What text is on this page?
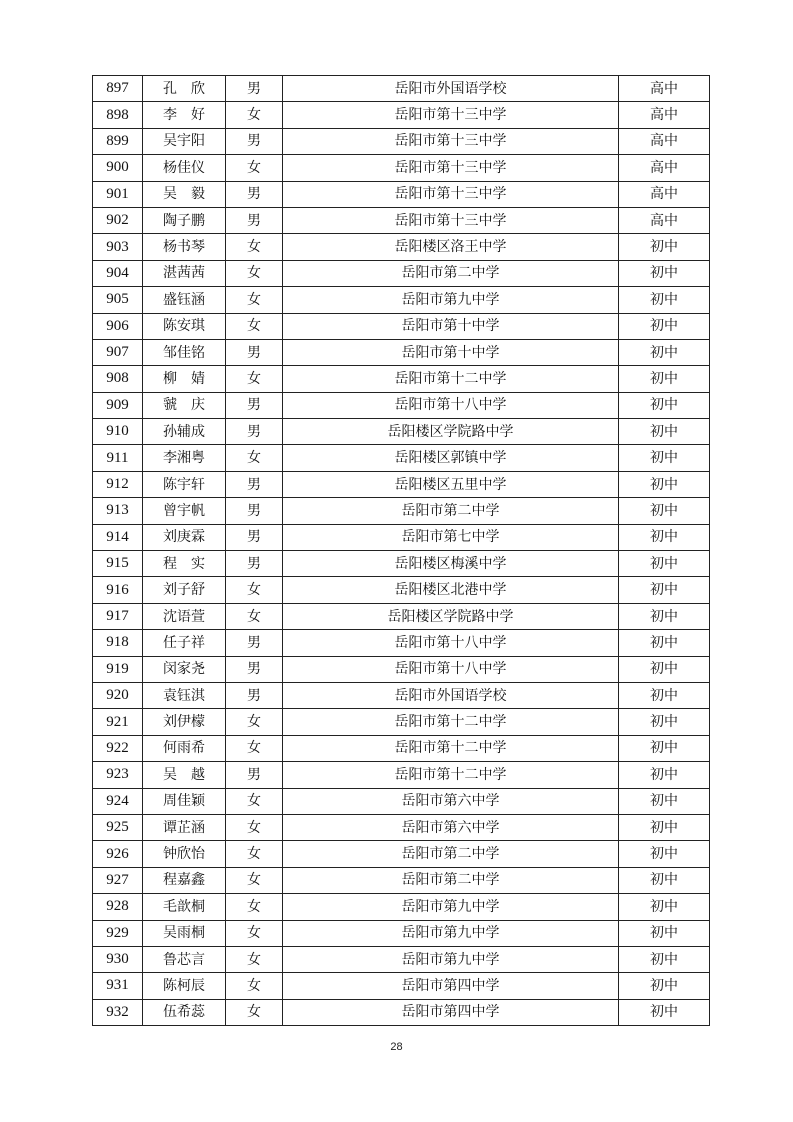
897	孔　欣	男	岳阳市外国语学校	高中
898	李　好	女	岳阳市第十三中学	高中
899	吴宇阳	男	岳阳市第十三中学	高中
900	杨佳仪	女	岳阳市第十三中学	高中
901	吴　毅	男	岳阳市第十三中学	高中
902	陶子鹏	男	岳阳市第十三中学	高中
903	杨书琴	女	岳阳楼区洛王中学	初中
904	湛茜茜	女	岳阳市第二中学	初中
905	盛钰涵	女	岳阳市第九中学	初中
906	陈安琪	女	岳阳市第十中学	初中
907	邹佳铭	男	岳阳市第十中学	初中
908	柳　婧	女	岳阳市第十二中学	初中
909	虢　庆	男	岳阳市第十八中学	初中
910	孙辅成	男	岳阳楼区学院路中学	初中
911	李湘粤	女	岳阳楼区郭镇中学	初中
912	陈宇轩	男	岳阳楼区五里中学	初中
913	曾宇帆	男	岳阳市第二中学	初中
914	刘庚霖	男	岳阳市第七中学	初中
915	程　实	男	岳阳楼区梅溪中学	初中
916	刘子舒	女	岳阳楼区北港中学	初中
917	沈语萱	女	岳阳楼区学院路中学	初中
918	任子祥	男	岳阳市第十八中学	初中
919	闵家尧	男	岳阳市第十八中学	初中
920	袁钰淇	男	岳阳市外国语学校	初中
921	刘伊檬	女	岳阳市第十二中学	初中
922	何雨希	女	岳阳市第十二中学	初中
923	吴　越	男	岳阳市第十二中学	初中
924	周佳颖	女	岳阳市第六中学	初中
925	谭芷涵	女	岳阳市第六中学	初中
926	钟欣怡	女	岳阳市第二中学	初中
927	程嘉鑫	女	岳阳市第二中学	初中
928	毛歆桐	女	岳阳市第九中学	初中
929	吴雨桐	女	岳阳市第九中学	初中
930	鲁芯言	女	岳阳市第九中学	初中
931	陈柯辰	女	岳阳市第四中学	初中
932	伍希蕊	女	岳阳市第四中学	初中
28
